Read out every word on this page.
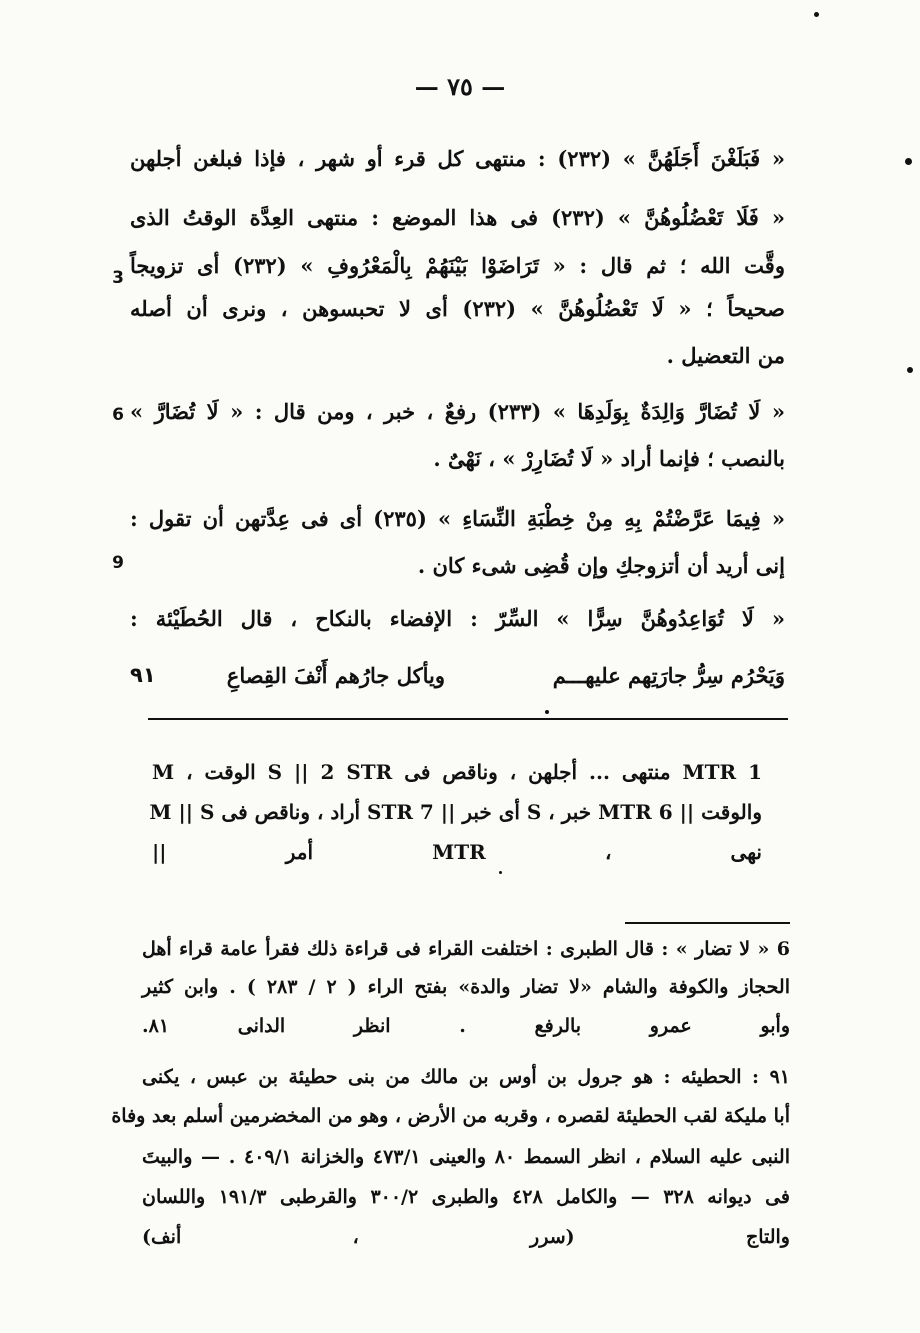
— ٧٥ —
« فَبَلَغْنَ أَجَلَهُنَّ » (٢٣٢) : منتهى كل قرء أو شهر ، فإذا فبلغن أجلهن
« فَلَا تَعْضُلُوهُنَّ » (٢٣٢) فى هذا الموضع : منتهى العِدَّة الوقتُ الذى
وقَّت الله ؛ ثم قال : « تَرَاضَوْا بَيْنَهُمْ بِالْمَعْرُوفِ » (٢٣٢) أى تزويجاً
صحيحاً ؛ « لَا تَعْضُلُوهُنَّ » (٢٣٢) أى لا تحبسوهن ، ونرى أن أصله
من التعضيل .
« لَا تُضَارَّ وَالِدَةٌ بِوَلَدِهَا » (٢٣٣) رفعٌ ، خبر ، ومن قال : « لَا تُضَارَّ »
بالنصب ؛ فإنما أراد « لَا تُضَارِرْ » ، نَهْىٌ .
« فِيمَا عَرَّضْتُمْ بِهِ مِنْ خِطْبَةِ النِّسَاءِ » (٢٣٥) أى فى عِدَّتهن أن تقول :
إنى أريد أن أتزوجكِ وإن قُضِى شىء كان .
« لَا تُوَاعِدُوهُنَّ سِرًّا » السِّرّ : الإفضاء بالنكاح ، قال الحُطَيْئة :
وَيَحْرُم سِرُّ جارَتِهم عليهـــم
ويأكل جارُهم أَنْفَ القِصاعِ
٩١
3
6
9
1 MTR منتهى ... أجلهن ، وناقص فى S || 2 STR الوقت ، M
والوقت || 6 MTR خبر ، S أى خبر || 7 STR أراد ، وناقص فى M || S
نهى ، MTR أمر ||
6 « لا تضار » : قال الطبرى : اختلفت القراء فى قراءة ذلك فقرأ عامة قراء أهل
الحجاز والكوفة والشام «لا تضار والدة» بفتح الراء ( ٢ / ٢٨٣ ) . وابن كثير
وأبو عمرو بالرفع . انظر الدانى ٨١.
٩١ : الحطيئه : هو جرول بن أوس بن مالك من بنى حطيئة بن عبس ، يكنى
أبا مليكة لقب الحطيئة لقصره ، وقربه من الأرض ، وهو من المخضرمين أسلم بعد وفاة
النبى عليه السلام ، انظر السمط ٨٠ والعينى ٤٧٣/١ والخزانة ٤٠٩/١ . — والبيتَ
فى ديوانه ٣٢٨ — والكامل ٤٢٨ والطبرى ٣٠٠/٢ والقرطبى ١٩١/٣ واللسان
والتاج (سرر ، أنف)
